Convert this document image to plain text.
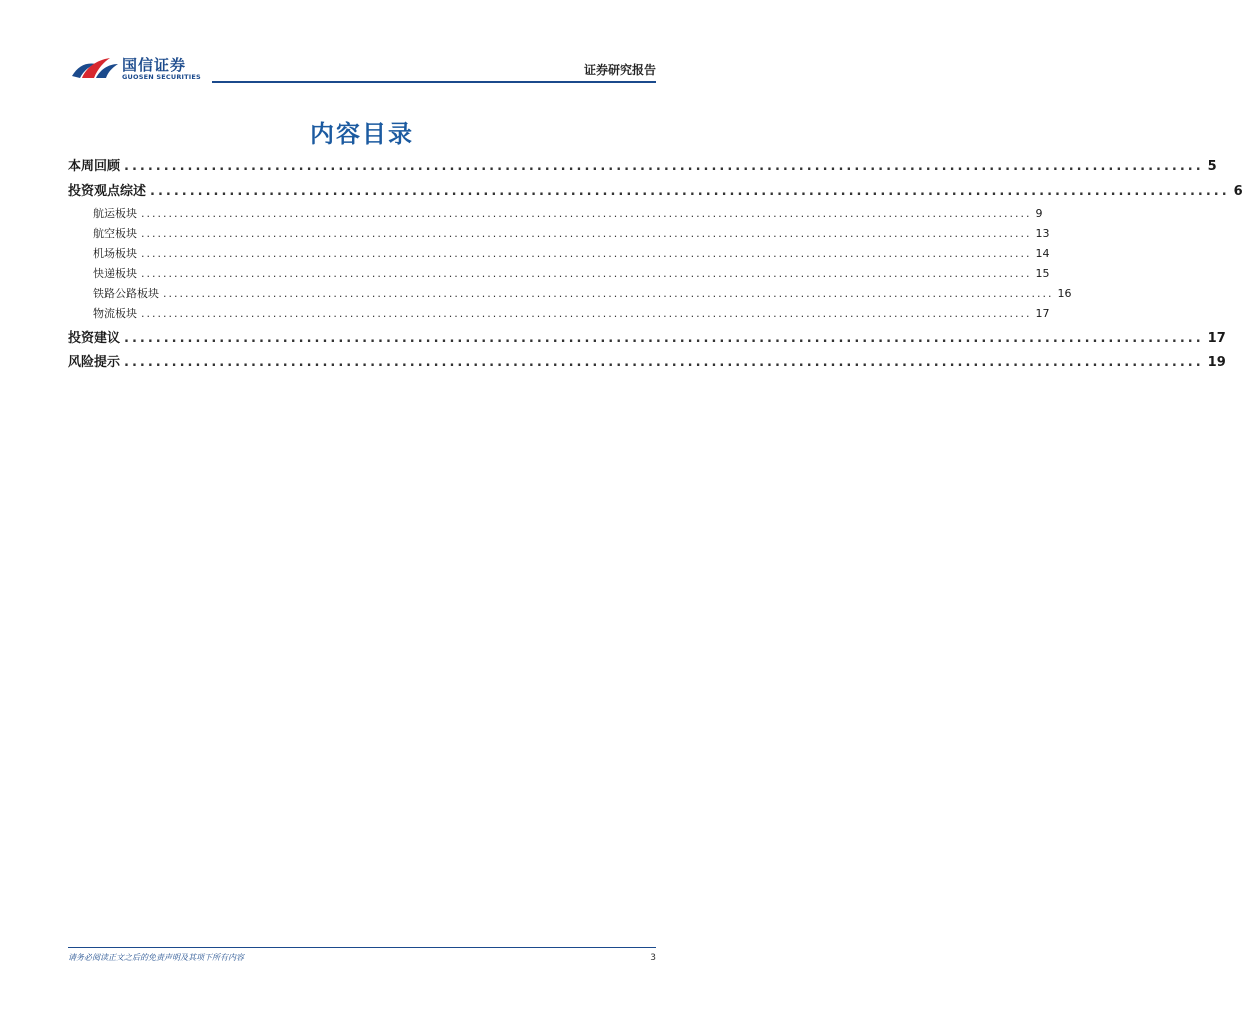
国信证券
GUOSEN SECURITIES	证券研究报告
内容目录
本周回顾 ........................................................................................................................................ 5
投资观点综述 ........................................................................................................................................ 6
航运板块 .................................................................................................................................................................. 9
航空板块 .................................................................................................................................................................. 13
机场板块 .................................................................................................................................................................. 14
快递板块 .................................................................................................................................................................. 15
铁路公路板块 .................................................................................................................................................................. 16
物流板块 .................................................................................................................................................................. 17
投资建议 ........................................................................................................................................ 17
风险提示 ........................................................................................................................................ 19
请务必阅读正文之后的免责声明及其项下所有内容	3
